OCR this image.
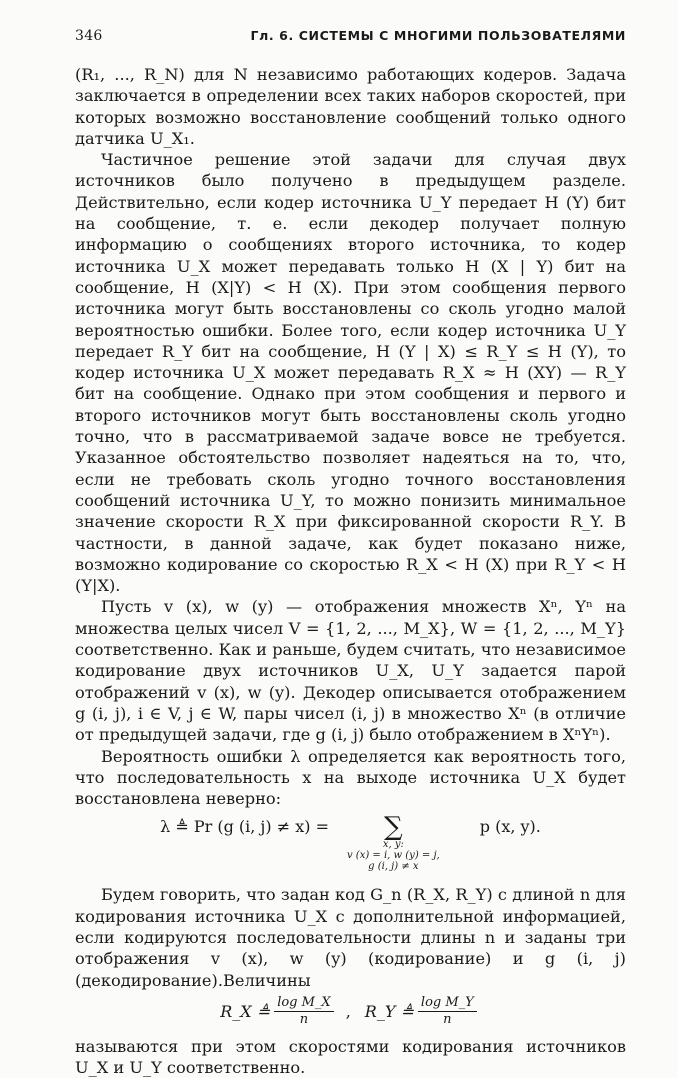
346	Гл. 6. СИСТЕМЫ С МНОГИМИ ПОЛЬЗОВАТЕЛЯМИ

(R₁, ..., R_N) для N независимо работающих кодеров. Задача заключается в определении всех таких наборов скоростей, при которых возможно восстановление сообщений только одного датчика U_X₁.

Частичное решение этой задачи для случая двух источников было получено в предыдущем разделе. Действительно, если кодер источника U_Y передает H (Y) бит на сообщение, т. е. если декодер получает полную информацию о сообщениях второго источника, то кодер источника U_X может передавать только H (X | Y) бит на сообщение, H (X|Y) < H (X). При этом сообщения первого источника могут быть восстановлены со сколь угодно малой вероятностью ошибки. Более того, если кодер источника U_Y передает R_Y бит на сообщение, H (Y | X) ≤ R_Y ≤ H (Y), то кодер источника U_X может передавать R_X ≈ H (XY) — R_Y бит на сообщение. Однако при этом сообщения и первого и второго источников могут быть восстановлены сколь угодно точно, что в рассматриваемой задаче вовсе не требуется. Указанное обстоятельство позволяет надеяться на то, что, если не требовать сколь угодно точного восстановления сообщений источника U_Y, то можно понизить минимальное значение скорости R_X при фиксированной скорости R_Y. В частности, в данной задаче, как будет показано ниже, возможно кодирование со скоростью R_X < H (X) при R_Y < H (Y|X).

Пусть v (x), w (y) — отображения множеств Xⁿ, Yⁿ на множества целых чисел V = {1, 2, ..., M_X}, W = {1, 2, ..., M_Y} соответственно. Как и раньше, будем считать, что независимое кодирование двух источников U_X, U_Y задается парой отображений v (x), w (y). Декодер описывается отображением g (i, j), i ∈ V, j ∈ W, пары чисел (i, j) в множество Xⁿ (в отличие от предыдущей задачи, где g (i, j) было отображением в XⁿYⁿ).

Вероятность ошибки λ определяется как вероятность того, что последовательность x на выходе источника U_X будет восстановлена неверно:

λ ≜ Pr (g (i, j) ≠ x) = ∑
x, y:
v (x) = i, w (y) = j,
g (i, j) ≠ x
p (x, y).

Будем говорить, что задан код G_n (R_X, R_Y) с длиной n для кодирования источника U_X с дополнительной информацией, если кодируются последовательности длины n и заданы три отображения v (x), w (y) (кодирование) и g (i, j) (декодирование).Величины

R_X ≜ $\frac{\text{log M\_X}}{n}$ , R_Y ≜ $\frac{\text{log M\_Y}}{n}$

называются при этом скоростями кодирования источников U_X и U_Y соответственно.
